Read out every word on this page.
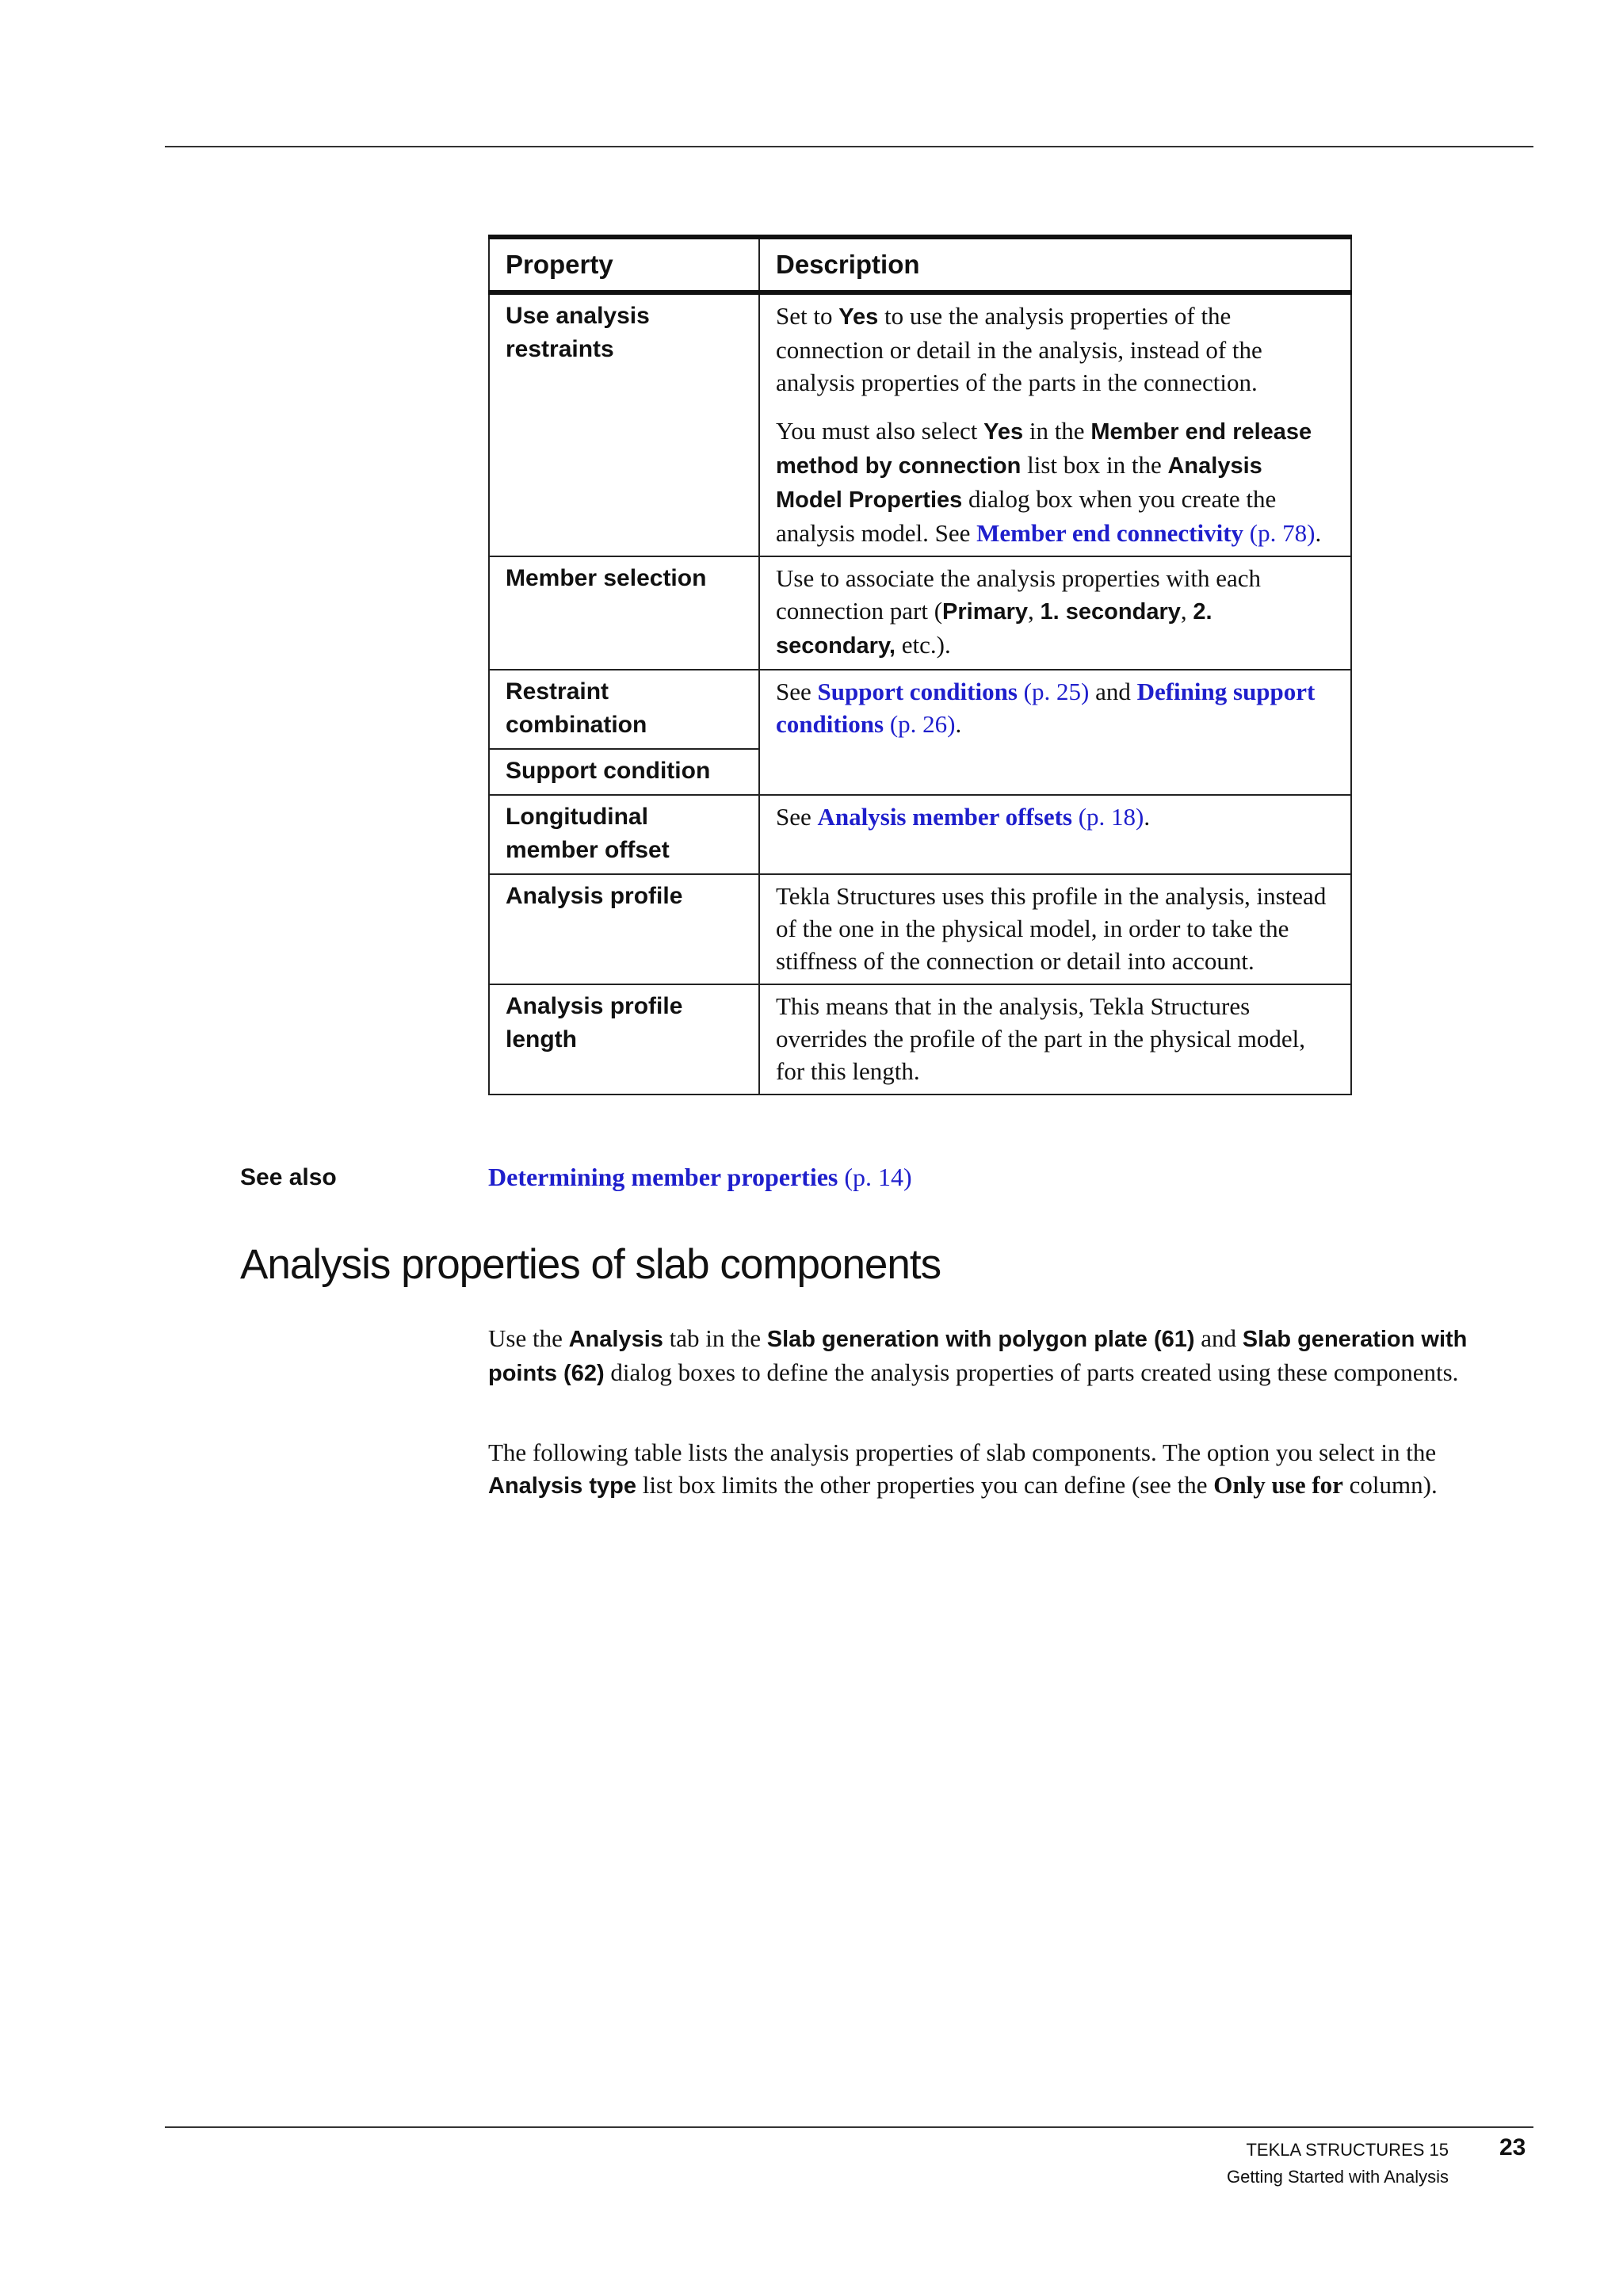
Property	Description
Use analysis restraints	Set to Yes to use the analysis properties of the connection or detail in the analysis, instead of the analysis properties of the parts in the connection.

You must also select Yes in the Member end release method by connection list box in the Analysis Model Properties dialog box when you create the analysis model. See Member end connectivity (p. 78).

Member selection	Use to associate the analysis properties with each connection part (Primary, 1. secondary, 2. secondary, etc.).
Restraint combination	See Support conditions (p. 25) and Defining support conditions (p. 26).
Support condition	
Longitudinal member offset	See Analysis member offsets (p. 18).
Analysis profile	Tekla Structures uses this profile in the analysis, instead of the one in the physical model, in order to take the stiffness of the connection or detail into account.
Analysis profile length	This means that in the analysis, Tekla Structures overrides the profile of the part in the physical model, for this length.
See also	Determining member properties (p. 14)
Analysis properties of slab components

Use the Analysis tab in the Slab generation with polygon plate (61) and Slab generation with points (62) dialog boxes to define the analysis properties of parts created using these components.

The following table lists the analysis properties of slab components. The option you select in the Analysis type list box limits the other properties you can define (see the Only use for column).

TEKLA STRUCTURES 15
Getting Started with Analysis
23
